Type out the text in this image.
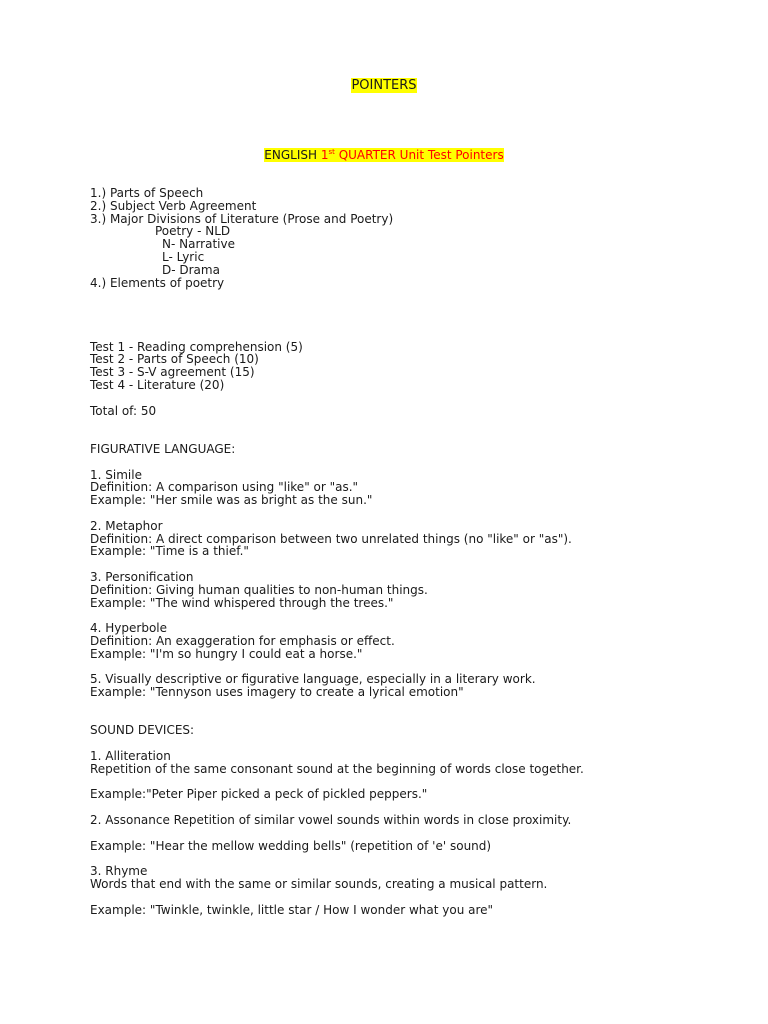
POINTERS
ENGLISH 1st QUARTER Unit Test Pointers
1.) Parts of Speech
2.) Subject Verb Agreement
3.) Major Divisions of Literature (Prose and Poetry)
Poetry - NLD
N- Narrative
L- Lyric
D- Drama
4.) Elements of poetry
Test 1 - Reading comprehension (5)
Test 2 - Parts of Speech (10)
Test 3 - S-V agreement (15)
Test 4 - Literature (20)
Total of: 50
FIGURATIVE LANGUAGE:
1. Simile
Definition: A comparison using "like" or "as."
Example: "Her smile was as bright as the sun."
2. Metaphor
Definition: A direct comparison between two unrelated things (no "like" or "as").
Example: "Time is a thief."
3. Personification
Definition: Giving human qualities to non-human things.
Example: "The wind whispered through the trees."
4. Hyperbole
Definition: An exaggeration for emphasis or effect.
Example: "I'm so hungry I could eat a horse."
5. Visually descriptive or figurative language, especially in a literary work.
Example: "Tennyson uses imagery to create a lyrical emotion"
SOUND DEVICES:
1. Alliteration
Repetition of the same consonant sound at the beginning of words close together.
Example:"Peter Piper picked a peck of pickled peppers."
2. Assonance Repetition of similar vowel sounds within words in close proximity.
Example: "Hear the mellow wedding bells" (repetition of 'e' sound)
3. Rhyme
Words that end with the same or similar sounds, creating a musical pattern.
Example: "Twinkle, twinkle, little star / How I wonder what you are"
